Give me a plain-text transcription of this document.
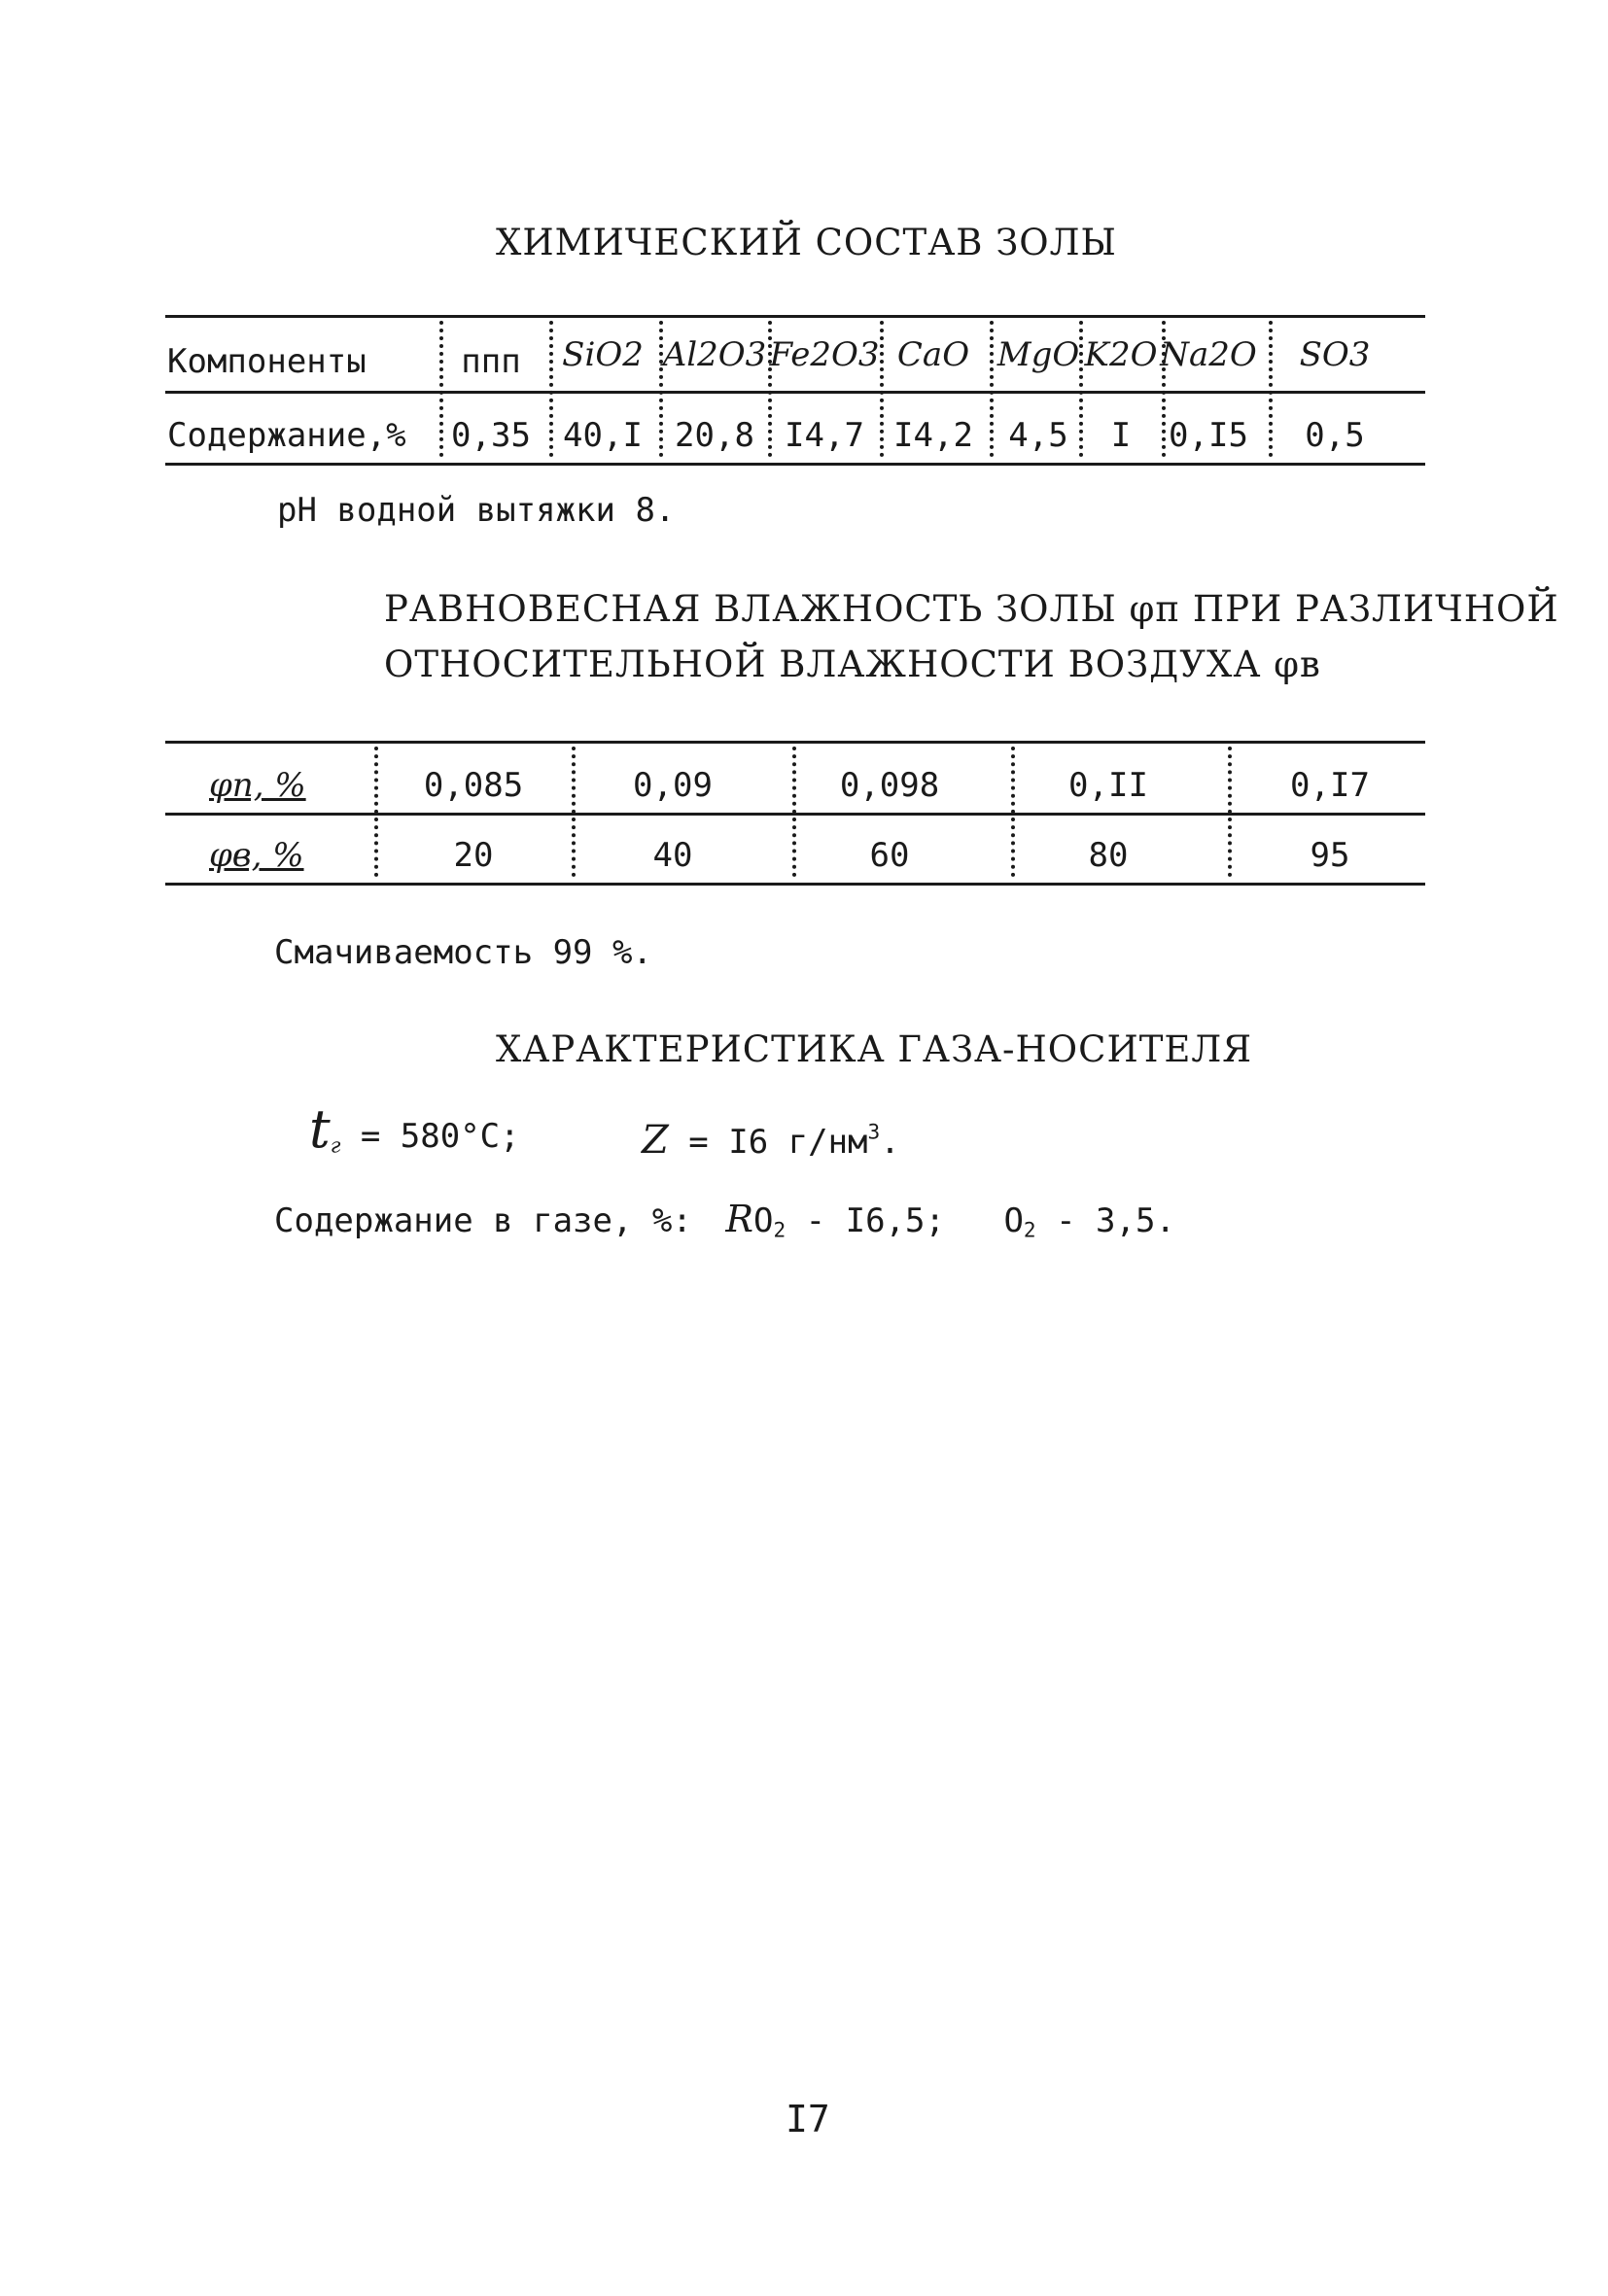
ХИМИЧЕСКИЙ СОСТАВ ЗОЛЫ
Компоненты
Содержание,%
ппп
0,35
SiO2
40,I
Al2O3
20,8
Fe2O3
I4,7
CaO
I4,2
MgO
4,5
K2O
I
Na2O
0,I5
SO3
0,5
pH водной вытяжки 8.
РАВНОВЕСНАЯ ВЛАЖНОСТЬ ЗОЛЫ φп ПРИ РАЗЛИЧНОЙ
ОТНОСИТЕЛЬНОЙ ВЛАЖНОСТИ ВОЗДУХА φв
φп, %
φв, %
0,085
20
0,09
40
0,098
60
0,II
80
0,I7
95
Смачиваемость 99 %.
ХАРАКТЕРИСТИКА ГАЗА-НОСИТЕЛЯ
$t_г = 580^\circ C$;	Z = I6 $г/нм^3$.
Содержание в газе, %: $RO_2 - I6,5$; $O_2 - 3,5$.
I7
